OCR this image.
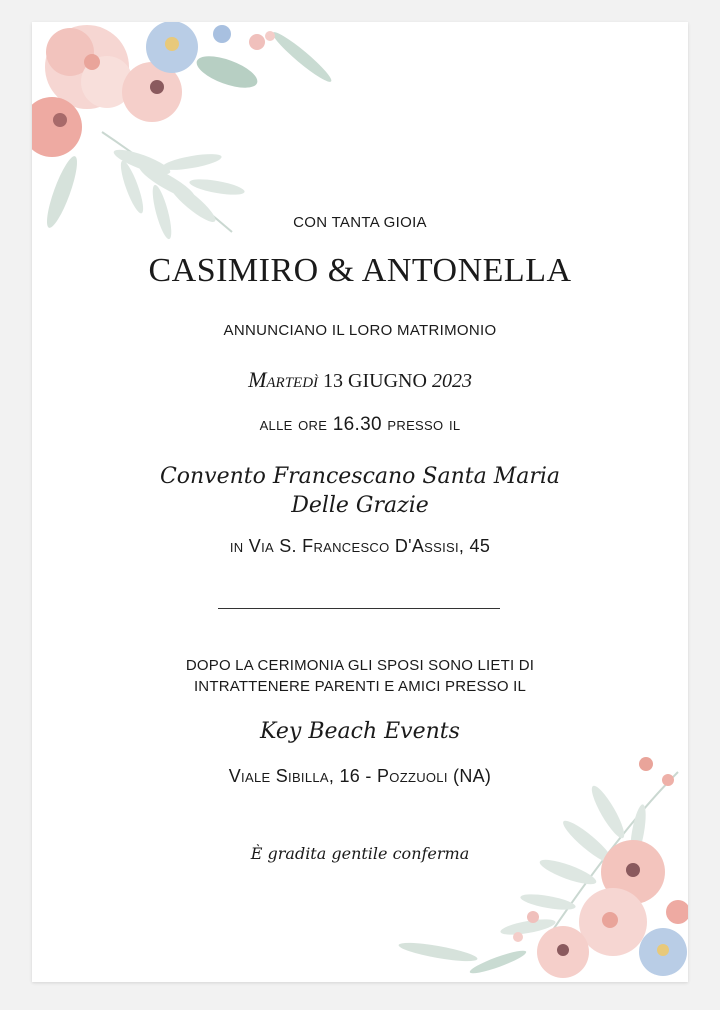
CON TANTA GIOIA
CASIMIRO & ANTONELLA
ANNUNCIANO IL LORO MATRIMONIO
Martedì 13 GIUGNO 2023
alle ore 16.30 presso il
Convento Francescano Santa Maria
Delle Grazie
in Via S. Francesco D'Assisi, 45
DOPO LA CERIMONIA GLI SPOSI SONO LIETI DI
INTRATTENERE PARENTI E AMICI PRESSO IL
Key Beach Events
Viale Sibilla, 16 - Pozzuoli (NA)
È gradita gentile conferma
